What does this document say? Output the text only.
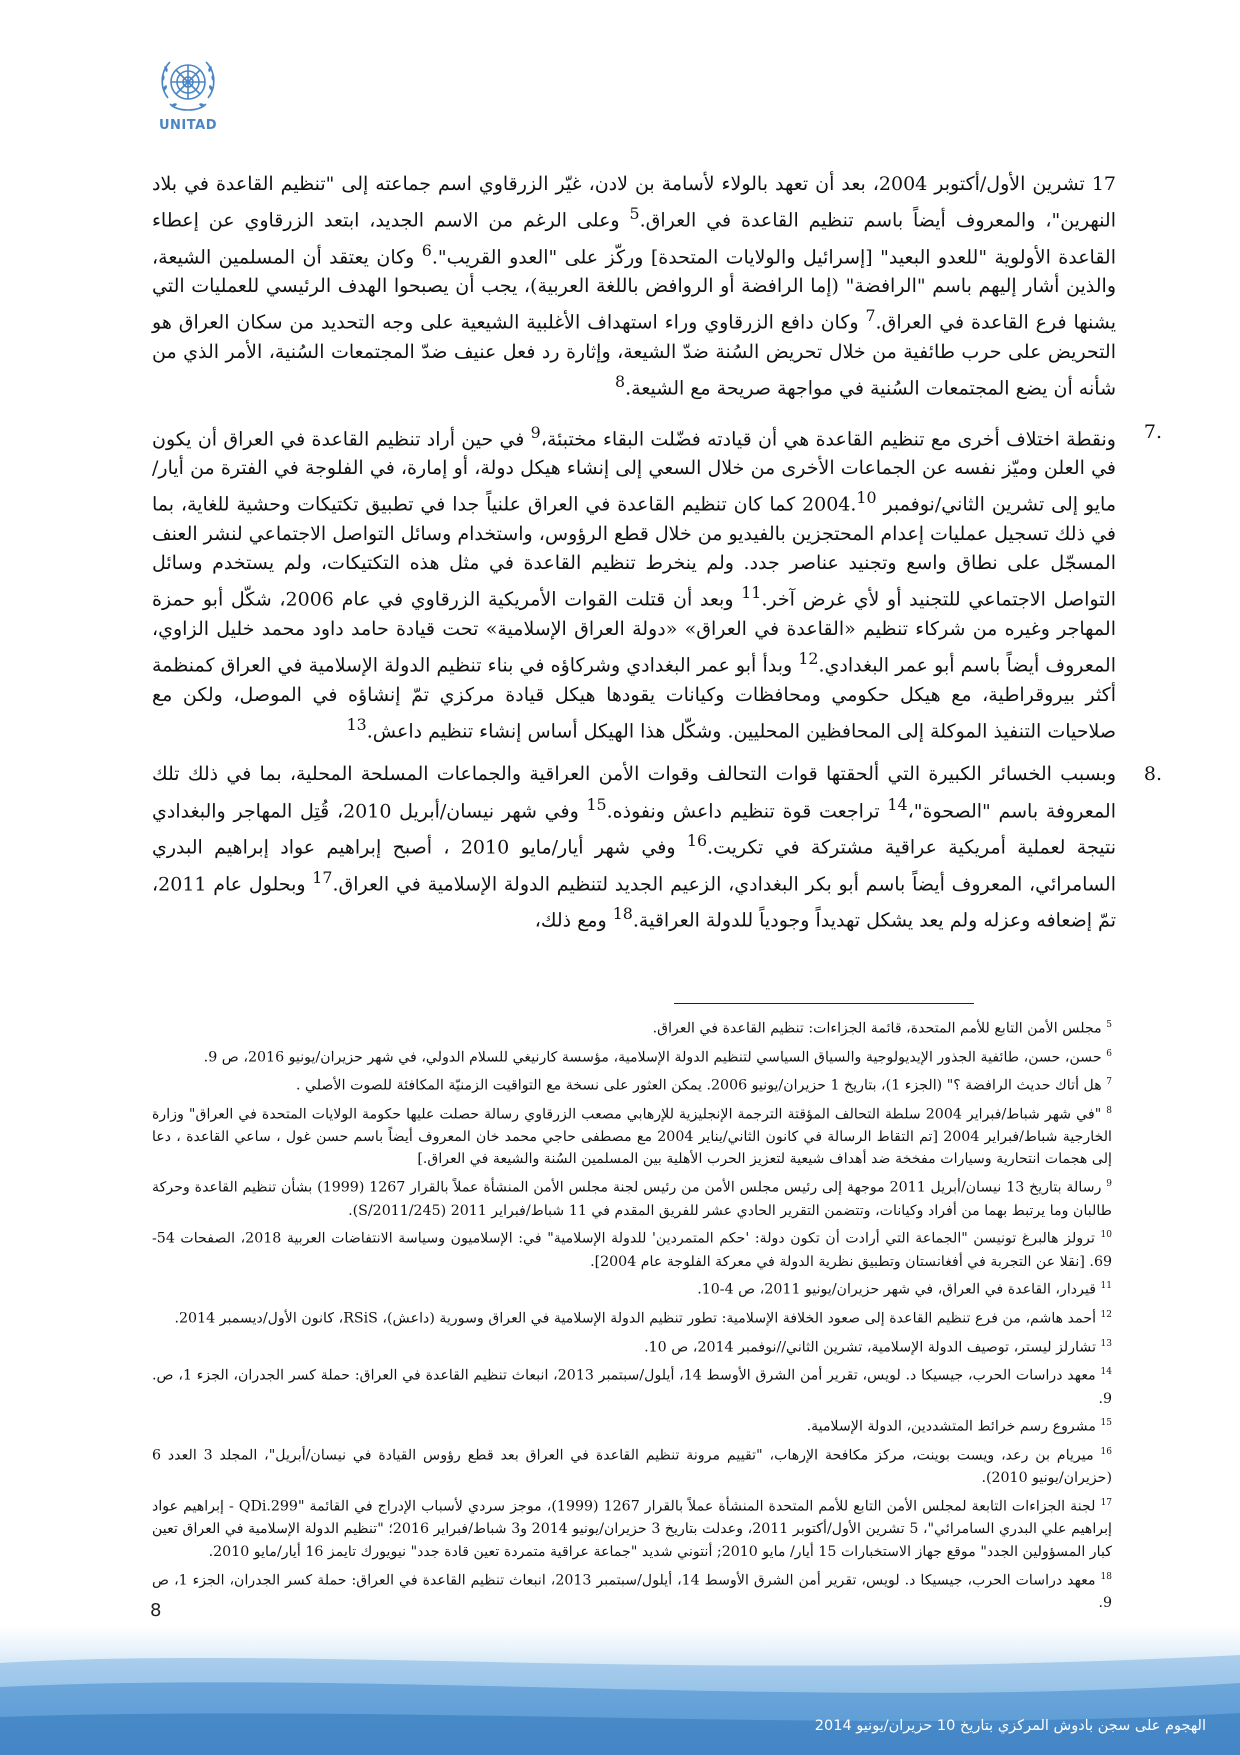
UNITAD

17 تشرين الأول/أكتوبر 2004، بعد أن تعهد بالولاء لأسامة بن لادن، غيّر الزرقاوي اسم جماعته إلى "تنظيم القاعدة في بلاد النهرين"، والمعروف أيضاً باسم تنظيم القاعدة في العراق.$^5$ وعلى الرغم من الاسم الجديد، ابتعد الزرقاوي عن إعطاء القاعدة الأولوية "للعدو البعيد" [إسرائيل والولايات المتحدة] وركّز على "العدو القريب".$^6$ وكان يعتقد أن المسلمين الشيعة، والذين أشار إليهم باسم "الرافضة" (إما الرافضة أو الروافض باللغة العربية)، يجب أن يصبحوا الهدف الرئيسي للعمليات التي يشنها فرع القاعدة في العراق.$^7$ وكان دافع الزرقاوي وراء استهداف الأغلبية الشيعية على وجه التحديد من سكان العراق هو التحريض على حرب طائفية من خلال تحريض السُنة ضدّ الشيعة، وإثارة رد فعل عنيف ضدّ المجتمعات السُنية، الأمر الذي من شأنه أن يضع المجتمعات السُنية في مواجهة صريحة مع الشيعة.$^8$

.7
ونقطة اختلاف أخرى مع تنظيم القاعدة هي أن قيادته فضّلت البقاء مختبئة،$^9$ في حين أراد تنظيم القاعدة في العراق أن يكون في العلن وميّز نفسه عن الجماعات الأخرى من خلال السعي إلى إنشاء هيكل دولة، أو إمارة، في الفلوجة في الفترة من أيار/مايو إلى تشرين الثاني/نوفمبر 2004.10 كما كان تنظيم القاعدة في العراق علنياً جدا في تطبيق تكتيكات وحشية للغاية، بما في ذلك تسجيل عمليات إعدام المحتجزين بالفيديو من خلال قطع الرؤوس، واستخدام وسائل التواصل الاجتماعي لنشر العنف المسجّل على نطاق واسع وتجنيد عناصر جدد. ولم ينخرط تنظيم القاعدة في مثل هذه التكتيكات، ولم يستخدم وسائل التواصل الاجتماعي للتجنيد أو لأي غرض آخر.$^{11}$ وبعد أن قتلت القوات الأمريكية الزرقاوي في عام 2006، شكّل أبو حمزة المهاجر وغيره من شركاء تنظيم «القاعدة في العراق» «دولة العراق الإسلامية» تحت قيادة حامد داود محمد خليل الزاوي، المعروف أيضاً باسم أبو عمر البغدادي.$^{12}$ وبدأ أبو عمر البغدادي وشركاؤه في بناء تنظيم الدولة الإسلامية في العراق كمنظمة أكثر بيروقراطية، مع هيكل حكومي ومحافظات وكيانات يقودها هيكل قيادة مركزي تمّ إنشاؤه في الموصل، ولكن مع صلاحيات التنفيذ الموكلة إلى المحافظين المحليين. وشكّل هذا الهيكل أساس إنشاء تنظيم داعش.$^{13}$

.8
وبسبب الخسائر الكبيرة التي ألحقتها قوات التحالف وقوات الأمن العراقية والجماعات المسلحة المحلية، بما في ذلك تلك المعروفة باسم "الصحوة"،$^{14}$ تراجعت قوة تنظيم داعش ونفوذه.$^{15}$ وفي شهر نيسان/أبريل 2010، قُتِل المهاجر والبغدادي نتيجة لعملية أمريكية عراقية مشتركة في تكريت.$^{16}$ وفي شهر أيار/مايو 2010 ، أصبح إبراهيم عواد إبراهيم البدري السامرائي، المعروف أيضاً باسم أبو بكر البغدادي، الزعيم الجديد لتنظيم الدولة الإسلامية في العراق.$^{17}$ وبحلول عام 2011، تمّ إضعافه وعزله ولم يعد يشكل تهديداً وجودياً للدولة العراقية.$^{18}$ ومع ذلك،

$^5$ مجلس الأمن التابع للأمم المتحدة، قائمة الجزاءات: تنظيم القاعدة في العراق.
$^6$ حسن، حسن، طائفية الجذور الإيديولوجية والسياق السياسي لتنظيم الدولة الإسلامية، مؤسسة كارنيغي للسلام الدولي، في شهر حزيران/يونيو 2016، ص 9.
$^7$ هل أتاك حديث الرافضة ؟" (الجزء 1)، بتاريخ 1 حزيران/يونيو 2006. يمكن العثور على نسخة مع التواقيت الزمنيّة المكافئة للصوت الأصلي .
$^8$ "في شهر شباط/فبراير 2004 سلطة التحالف المؤقتة الترجمة الإنجليزية للإرهابي مصعب الزرقاوي رسالة حصلت عليها حكومة الولايات المتحدة في العراق" وزارة الخارجية شباط/فبراير 2004 [تم التقاط الرسالة في كانون الثاني/يناير 2004 مع مصطفى حاجي محمد خان المعروف أيضاً باسم حسن غول ، ساعي القاعدة ، دعا إلى هجمات انتحارية وسيارات مفخخة ضد أهداف شيعية لتعزيز الحرب الأهلية بين المسلمين السُنة والشيعة في العراق.]
$^9$ رسالة بتاريخ 13 نيسان/أبريل 2011 موجهة إلى رئيس مجلس الأمن من رئيس لجنة مجلس الأمن المنشأة عملاً بالقرار 1267 (1999) بشأن تنظيم القاعدة وحركة طالبان وما يرتبط بهما من أفراد وكيانات، وتتضمن التقرير الحادي عشر للفريق المقدم في 11 شباط/فبراير 2011 (S/2011/245).
$^{10}$ ترولز هالبرغ تونيسن "الجماعة التي أرادت أن تكون دولة: 'حكم المتمردين' للدولة الإسلامية" في: الإسلاميون وسياسة الانتفاضات العربية 2018، الصفحات 54-69. [نقلا عن التجربة في أفغانستان وتطبيق نظرية الدولة في معركة الفلوجة عام 2004].
$^{11}$ قيردار، القاعدة في العراق، في شهر حزيران/يونيو 2011، ص 4-10.
$^{12}$ أحمد هاشم، من فرع تنظيم القاعدة إلى صعود الخلافة الإسلامية: تطور تنظيم الدولة الإسلامية في العراق وسورية (داعش)، RSiS، كانون الأول/ديسمبر 2014.
$^{13}$ تشارلز ليستر، توصيف الدولة الإسلامية، تشرين الثاني//نوفمبر 2014، ص 10.
$^{14}$ معهد دراسات الحرب، جيسيكا د. لويس، تقرير أمن الشرق الأوسط 14، أيلول/سبتمبر 2013، انبعاث تنظيم القاعدة في العراق: حملة كسر الجدران، الجزء 1، ص. 9.
$^{15}$ مشروع رسم خرائط المتشددين، الدولة الإسلامية.
$^{16}$ ميريام بن رعد، ويست بوينت، مركز مكافحة الإرهاب، "تقييم مرونة تنظيم القاعدة في العراق بعد قطع رؤوس القيادة في نيسان/أبريل"، المجلد 3 العدد 6 (حزيران/يونيو 2010).
$^{17}$ لجنة الجزاءات التابعة لمجلس الأمن التابع للأمم المتحدة المنشأة عملاً بالقرار 1267 (1999)، موجز سردي لأسباب الإدراج في القائمة "QDi.299 - إبراهيم عواد إبراهيم علي البدري السامرائي"، 5 تشرين الأول/أكتوبر 2011، وعدلت بتاريخ 3 حزيران/يونيو 2014 و3 شباط/فبراير 2016؛ "تنظيم الدولة الإسلامية في العراق تعين كبار المسؤولين الجدد" موقع جهاز الاستخبارات 15 أيار/ مايو 2010; أنتوني شديد "جماعة عراقية متمردة تعين قادة جدد" نيويورك تايمز 16 أيار/مايو 2010.
$^{18}$ معهد دراسات الحرب، جيسيكا د. لويس، تقرير أمن الشرق الأوسط 14، أيلول/سبتمبر 2013، انبعاث تنظيم القاعدة في العراق: حملة كسر الجدران، الجزء 1، ص 9.
8
الهجوم على سجن بادوش المركزي بتاريخ 10 حزيران/يونيو 2014
